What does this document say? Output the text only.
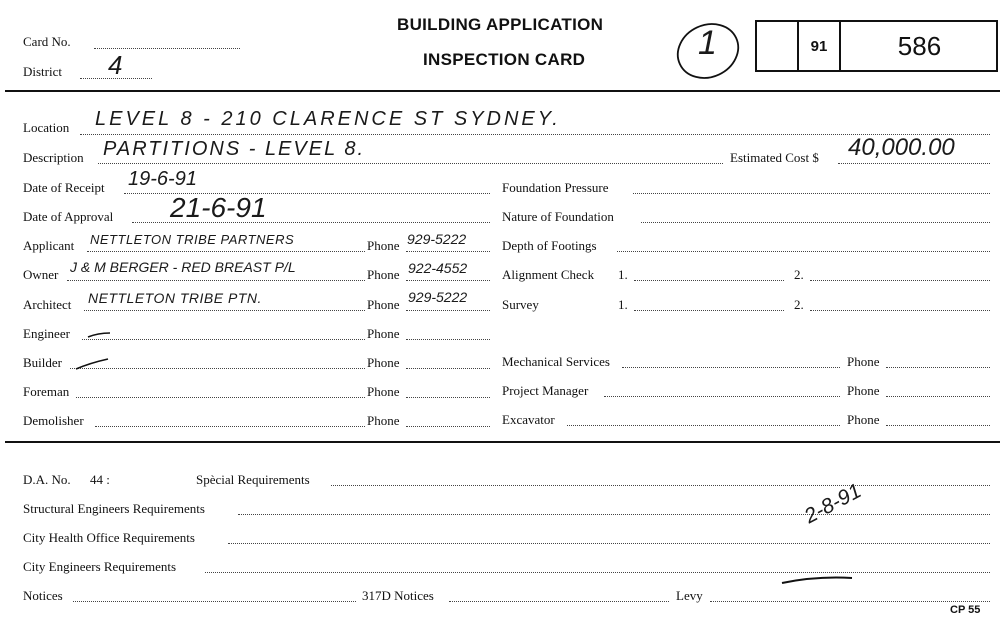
Card No.
District 4
BUILDING APPLICATION
INSPECTION CARD	1	91	586
Location LEVEL 8 - 210 CLARENCE ST SYDNEY.
Description PARTITIONS - LEVEL 8.	Estimated Cost $ 40,000.00
Date of Receipt 19-6-91
Date of Approval 21-6-91
Applicant NETTLETON TRIBE PARTNERS	Phone 929-5222
Owner J & M BERGER - RED BREAST P/L	Phone 922-4552
Architect NETTLETON TRIBE PTN.	Phone 929-5222
Engineer	Phone
Builder	Phone
Foreman	Phone
Demolisher	Phone
Foundation Pressure
Nature of Foundation
Depth of Footings
Alignment Check 1.	2.
Survey	1.	2.
Mechanical Services	Phone
Project Manager	Phone
Excavator	Phone
D.A. No. 44 :	Spècial Requirements
Structural Engineers Requirements
City Health Office Requirements
2-8-91
City Engineers Requirements
Notices	317D Notices	Levy
CP 55
